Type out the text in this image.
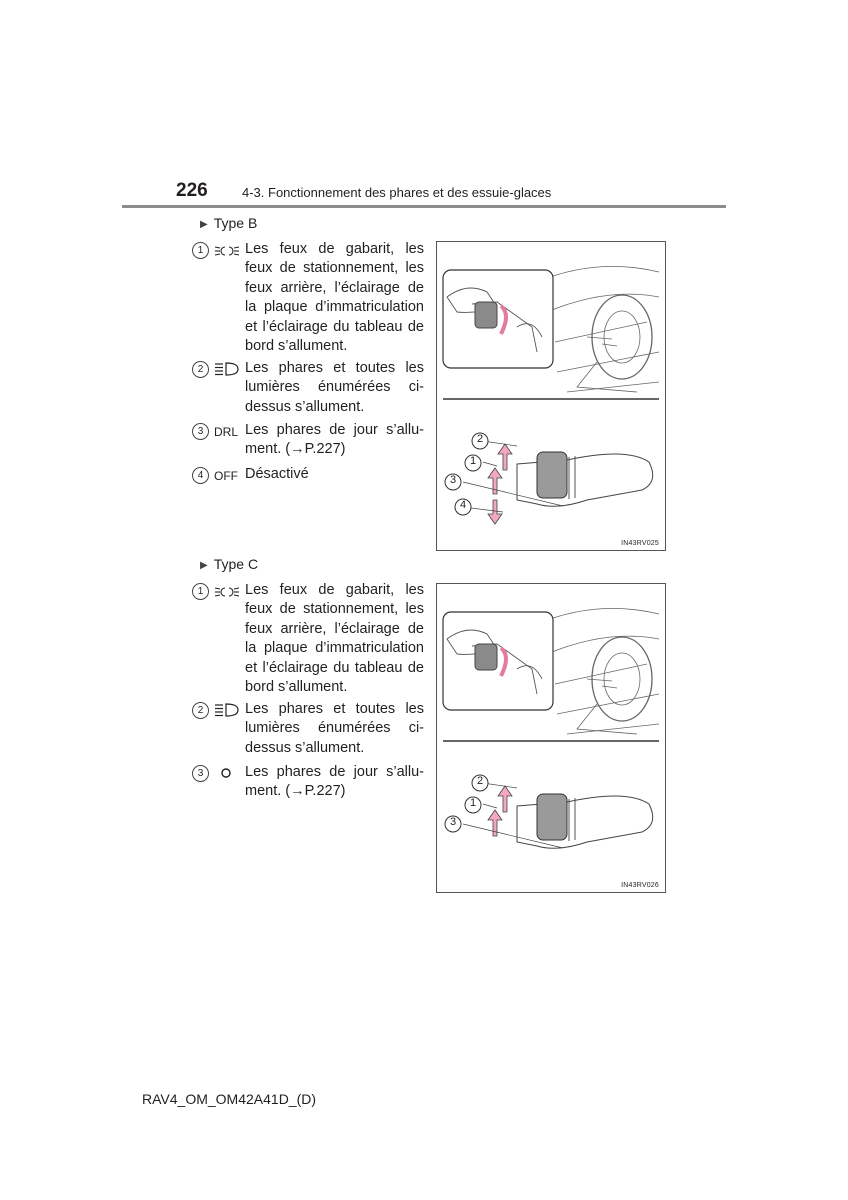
226	4-3. Fonctionnement des phares et des essuie-glaces
▶ Type B
1	Les feux de gabarit, les feux de stationnement, les feux arrière, l’éclairage de la plaque d’immatriculation et l’éclairage du tableau de bord s’allument.
2	Les phares et toutes les lumières énumérées ci-dessus s’allument.
3 DRL Les phares de jour s’allu-ment. (→P.227)
4 OFF Désactivé
2
1
3
4
IN43RV025
▶ Type C
1	Les feux de gabarit, les feux de stationnement, les feux arrière, l’éclairage de la plaque d’immatriculation et l’éclairage du tableau de bord s’allument.
2	Les phares et toutes les lumières énumérées ci-dessus s’allument.
3	Les phares de jour s’allu-ment. (→P.227)
2
1
3
IN43RV026
RAV4_OM_OM42A41D_(D)
